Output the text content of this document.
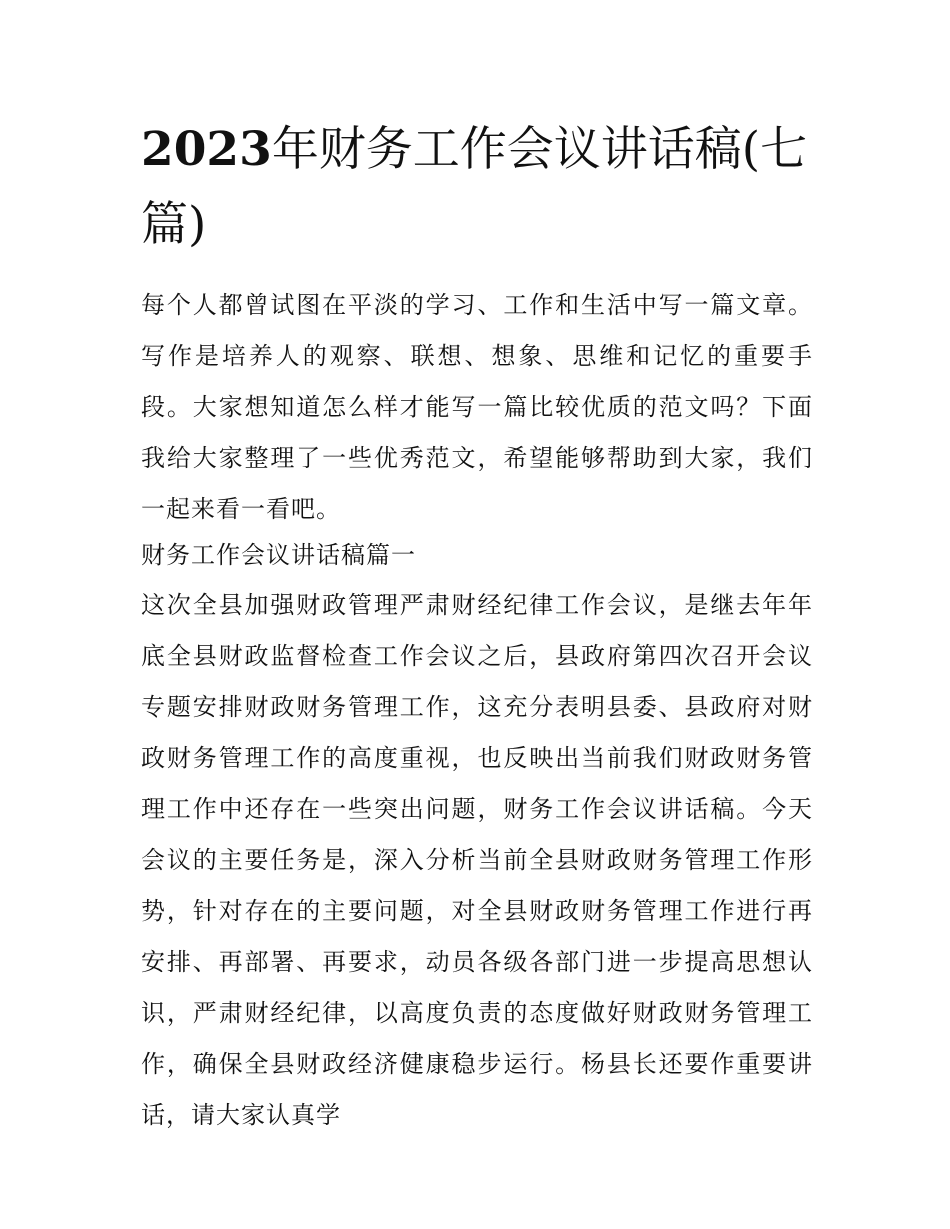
2023年财务工作会议讲话稿(七篇)

每个人都曾试图在平淡的学习、工作和生活中写一篇文章。写作是培养人的观察、联想、想象、思维和记忆的重要手段。大家想知道怎么样才能写一篇比较优质的范文吗？下面我给大家整理了一些优秀范文，希望能够帮助到大家，我们一起来看一看吧。

财务工作会议讲话稿篇一

这次全县加强财政管理严肃财经纪律工作会议，是继去年年底全县财政监督检查工作会议之后，县政府第四次召开会议专题安排财政财务管理工作，这充分表明县委、县政府对财政财务管理工作的高度重视，也反映出当前我们财政财务管理工作中还存在一些突出问题，财务工作会议讲话稿。今天会议的主要任务是，深入分析当前全县财政财务管理工作形势，针对存在的主要问题，对全县财政财务管理工作进行再安排、再部署、再要求，动员各级各部门进一步提高思想认识，严肃财经纪律，以高度负责的态度做好财政财务管理工作，确保全县财政经济健康稳步运行。杨县长还要作重要讲话，请大家认真学
